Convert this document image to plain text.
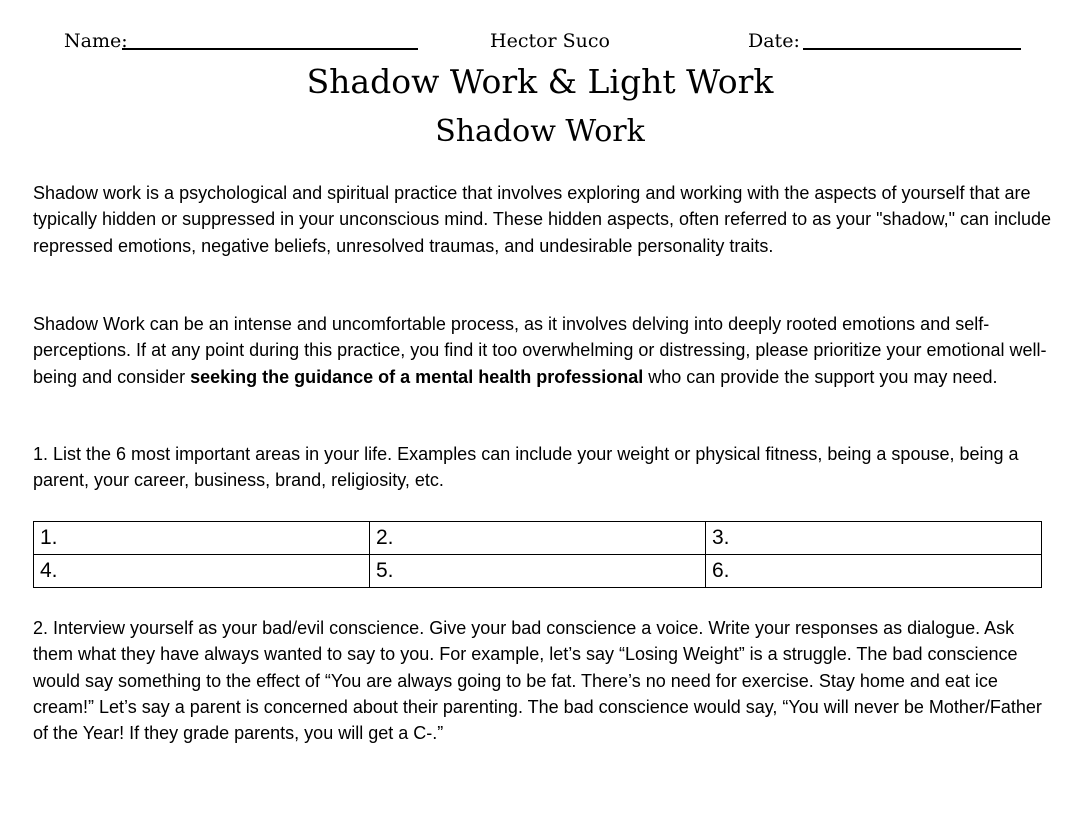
Name:	Hector Suco	Date:
Shadow Work & Light Work
Shadow Work

Shadow work is a psychological and spiritual practice that involves exploring and working with the aspects of yourself that are typically hidden or suppressed in your unconscious mind. These hidden aspects, often referred to as your "shadow," can include repressed emotions, negative beliefs, unresolved traumas, and undesirable personality traits.

Shadow Work can be an intense and uncomfortable process, as it involves delving into deeply rooted emotions and self-perceptions. If at any point during this practice, you find it too overwhelming or distressing, please prioritize your emotional well-being and consider seeking the guidance of a mental health professional who can provide the support you may need.

1. List the 6 most important areas in your life. Examples can include your weight or physical fitness, being a spouse, being a parent, your career, business, brand, religiosity, etc.

1.	2.	3.
4.	5.	6.

2. Interview yourself as your bad/evil conscience. Give your bad conscience a voice. Write your responses as dialogue. Ask them what they have always wanted to say to you. For example, let’s say “Losing Weight” is a struggle. The bad conscience would say something to the effect of “You are always going to be fat. There’s no need for exercise. Stay home and eat ice cream!” Let’s say a parent is concerned about their parenting. The bad conscience would say, “You will never be Mother/Father of the Year! If they grade parents, you will get a C-.”
